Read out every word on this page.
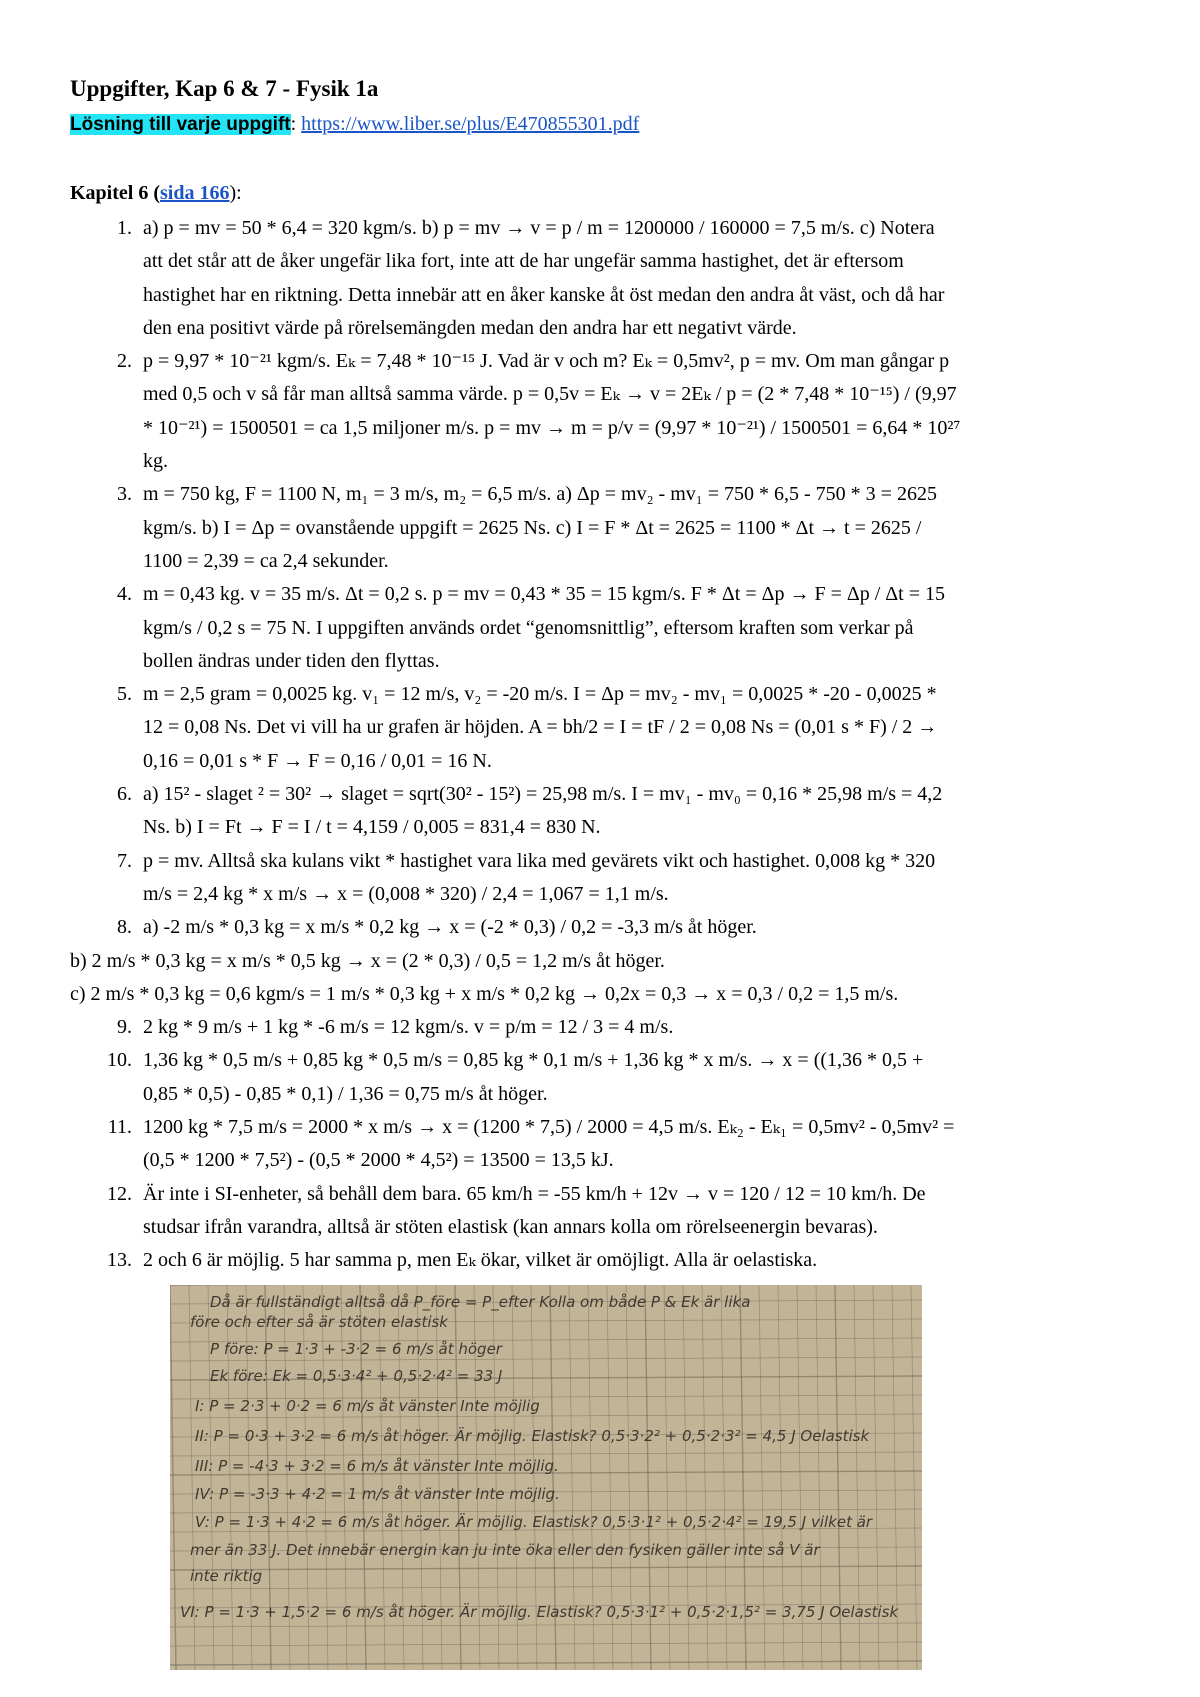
Uppgifter, Kap 6 & 7 - Fysik 1a
Lösning till varje uppgift: https://www.liber.se/plus/E470855301.pdf
Kapitel 6 (sida 166):
1. a) p = mv = 50 * 6,4 = 320 kgm/s. b) p = mv → v = p / m = 1200000 / 160000 = 7,5 m/s. c) Notera
att det står att de åker ungefär lika fort, inte att de har ungefär samma hastighet, det är eftersom
hastighet har en riktning. Detta innebär att en åker kanske åt öst medan den andra åt väst, och då har
den ena positivt värde på rörelsemängden medan den andra har ett negativt värde.
2. p = 9,97 * 10⁻²¹ kgm/s. Eₖ = 7,48 * 10⁻¹⁵ J. Vad är v och m? Eₖ = 0,5mv², p = mv. Om man gångar p
med 0,5 och v så får man alltså samma värde. p = 0,5v = Eₖ → v = 2Eₖ / p = (2 * 7,48 * 10⁻¹⁵) / (9,97
* 10⁻²¹) = 1500501 = ca 1,5 miljoner m/s. p = mv → m = p/v = (9,97 * 10⁻²¹) / 1500501 = 6,64 * 10²⁷
kg.
3. m = 750 kg, F = 1100 N, m₁ = 3 m/s, m₂ = 6,5 m/s. a) Δp = mv₂ - mv₁ = 750 * 6,5 - 750 * 3 = 2625
kgm/s. b) I = Δp = ovanstående uppgift = 2625 Ns. c) I = F * Δt = 2625 = 1100 * Δt → t = 2625 /
1100 = 2,39 = ca 2,4 sekunder.
4. m = 0,43 kg. v = 35 m/s. Δt = 0,2 s. p = mv = 0,43 * 35 = 15 kgm/s. F * Δt = Δp → F = Δp / Δt = 15
kgm/s / 0,2 s = 75 N. I uppgiften används ordet “genomsnittlig”, eftersom kraften som verkar på
bollen ändras under tiden den flyttas.
5. m = 2,5 gram = 0,0025 kg. v₁ = 12 m/s, v₂ = -20 m/s. I = Δp = mv₂ - mv₁ = 0,0025 * -20 - 0,0025 *
12 = 0,08 Ns. Det vi vill ha ur grafen är höjden. A = bh/2 = I = tF / 2 = 0,08 Ns = (0,01 s * F) / 2 →
0,16 = 0,01 s * F → F = 0,16 / 0,01 = 16 N.
6. a) 15² - slaget ² = 30² → slaget = sqrt(30² - 15²) = 25,98 m/s. I = mv₁ - mv₀ = 0,16 * 25,98 m/s = 4,2
Ns. b) I = Ft → F = I / t = 4,159 / 0,005 = 831,4 = 830 N.
7. p = mv. Alltså ska kulans vikt * hastighet vara lika med gevärets vikt och hastighet. 0,008 kg * 320
m/s = 2,4 kg * x m/s → x = (0,008 * 320) / 2,4 = 1,067 = 1,1 m/s.
8. a) -2 m/s * 0,3 kg = x m/s * 0,2 kg → x = (-2 * 0,3) / 0,2 = -3,3 m/s åt höger.
b) 2 m/s * 0,3 kg = x m/s * 0,5 kg → x = (2 * 0,3) / 0,5 = 1,2 m/s åt höger.
c) 2 m/s * 0,3 kg = 0,6 kgm/s = 1 m/s * 0,3 kg + x m/s * 0,2 kg → 0,2x = 0,3 → x = 0,3 / 0,2 = 1,5 m/s.
9. 2 kg * 9 m/s + 1 kg * -6 m/s = 12 kgm/s. v = p/m = 12 / 3 = 4 m/s.
10. 1,36 kg * 0,5 m/s + 0,85 kg * 0,5 m/s = 0,85 kg * 0,1 m/s + 1,36 kg * x m/s. → x = ((1,36 * 0,5 +
0,85 * 0,5) - 0,85 * 0,1) / 1,36 = 0,75 m/s åt höger.
11. 1200 kg * 7,5 m/s = 2000 * x m/s → x = (1200 * 7,5) / 2000 = 4,5 m/s. Eₖ₂ - Eₖ₁ = 0,5mv² - 0,5mv² =
(0,5 * 1200 * 7,5²) - (0,5 * 2000 * 4,5²) = 13500 = 13,5 kJ.
12. Är inte i SI-enheter, så behåll dem bara. 65 km/h = -55 km/h + 12v → v = 120 / 12 = 10 km/h. De
studsar ifrån varandra, alltså är stöten elastisk (kan annars kolla om rörelseenergin bevaras).
13. 2 och 6 är möjlig. 5 har samma p, men Eₖ ökar, vilket är omöjligt. Alla är oelastiska.
Då är fullständigt alltså då P_före = P_efter Kolla om både P & Ek är lika
före och efter så är stöten elastisk
P före: P = 1·3 + -3·2 = 6 m/s åt höger
Ek före: Ek = 0,5·3·4² + 0,5·2·4² = 33 J
I: P = 2·3 + 0·2 = 6 m/s åt vänster Inte möjlig
II: P = 0·3 + 3·2 = 6 m/s åt höger. Är möjlig. Elastisk? 0,5·3·2² + 0,5·2·3² = 4,5 J Oelastisk
III: P = -4·3 + 3·2 = 6 m/s åt vänster Inte möjlig.
IV: P = -3·3 + 4·2 = 1 m/s åt vänster Inte möjlig.
V: P = 1·3 + 4·2 = 6 m/s åt höger. Är möjlig. Elastisk? 0,5·3·1² + 0,5·2·4² = 19,5 J vilket är
mer än 33 J. Det innebär energin kan ju inte öka eller den fysiken gäller inte så V är
inte riktig
VI: P = 1·3 + 1,5·2 = 6 m/s åt höger. Är möjlig. Elastisk? 0,5·3·1² + 0,5·2·1,5² = 3,75 J Oelastisk
